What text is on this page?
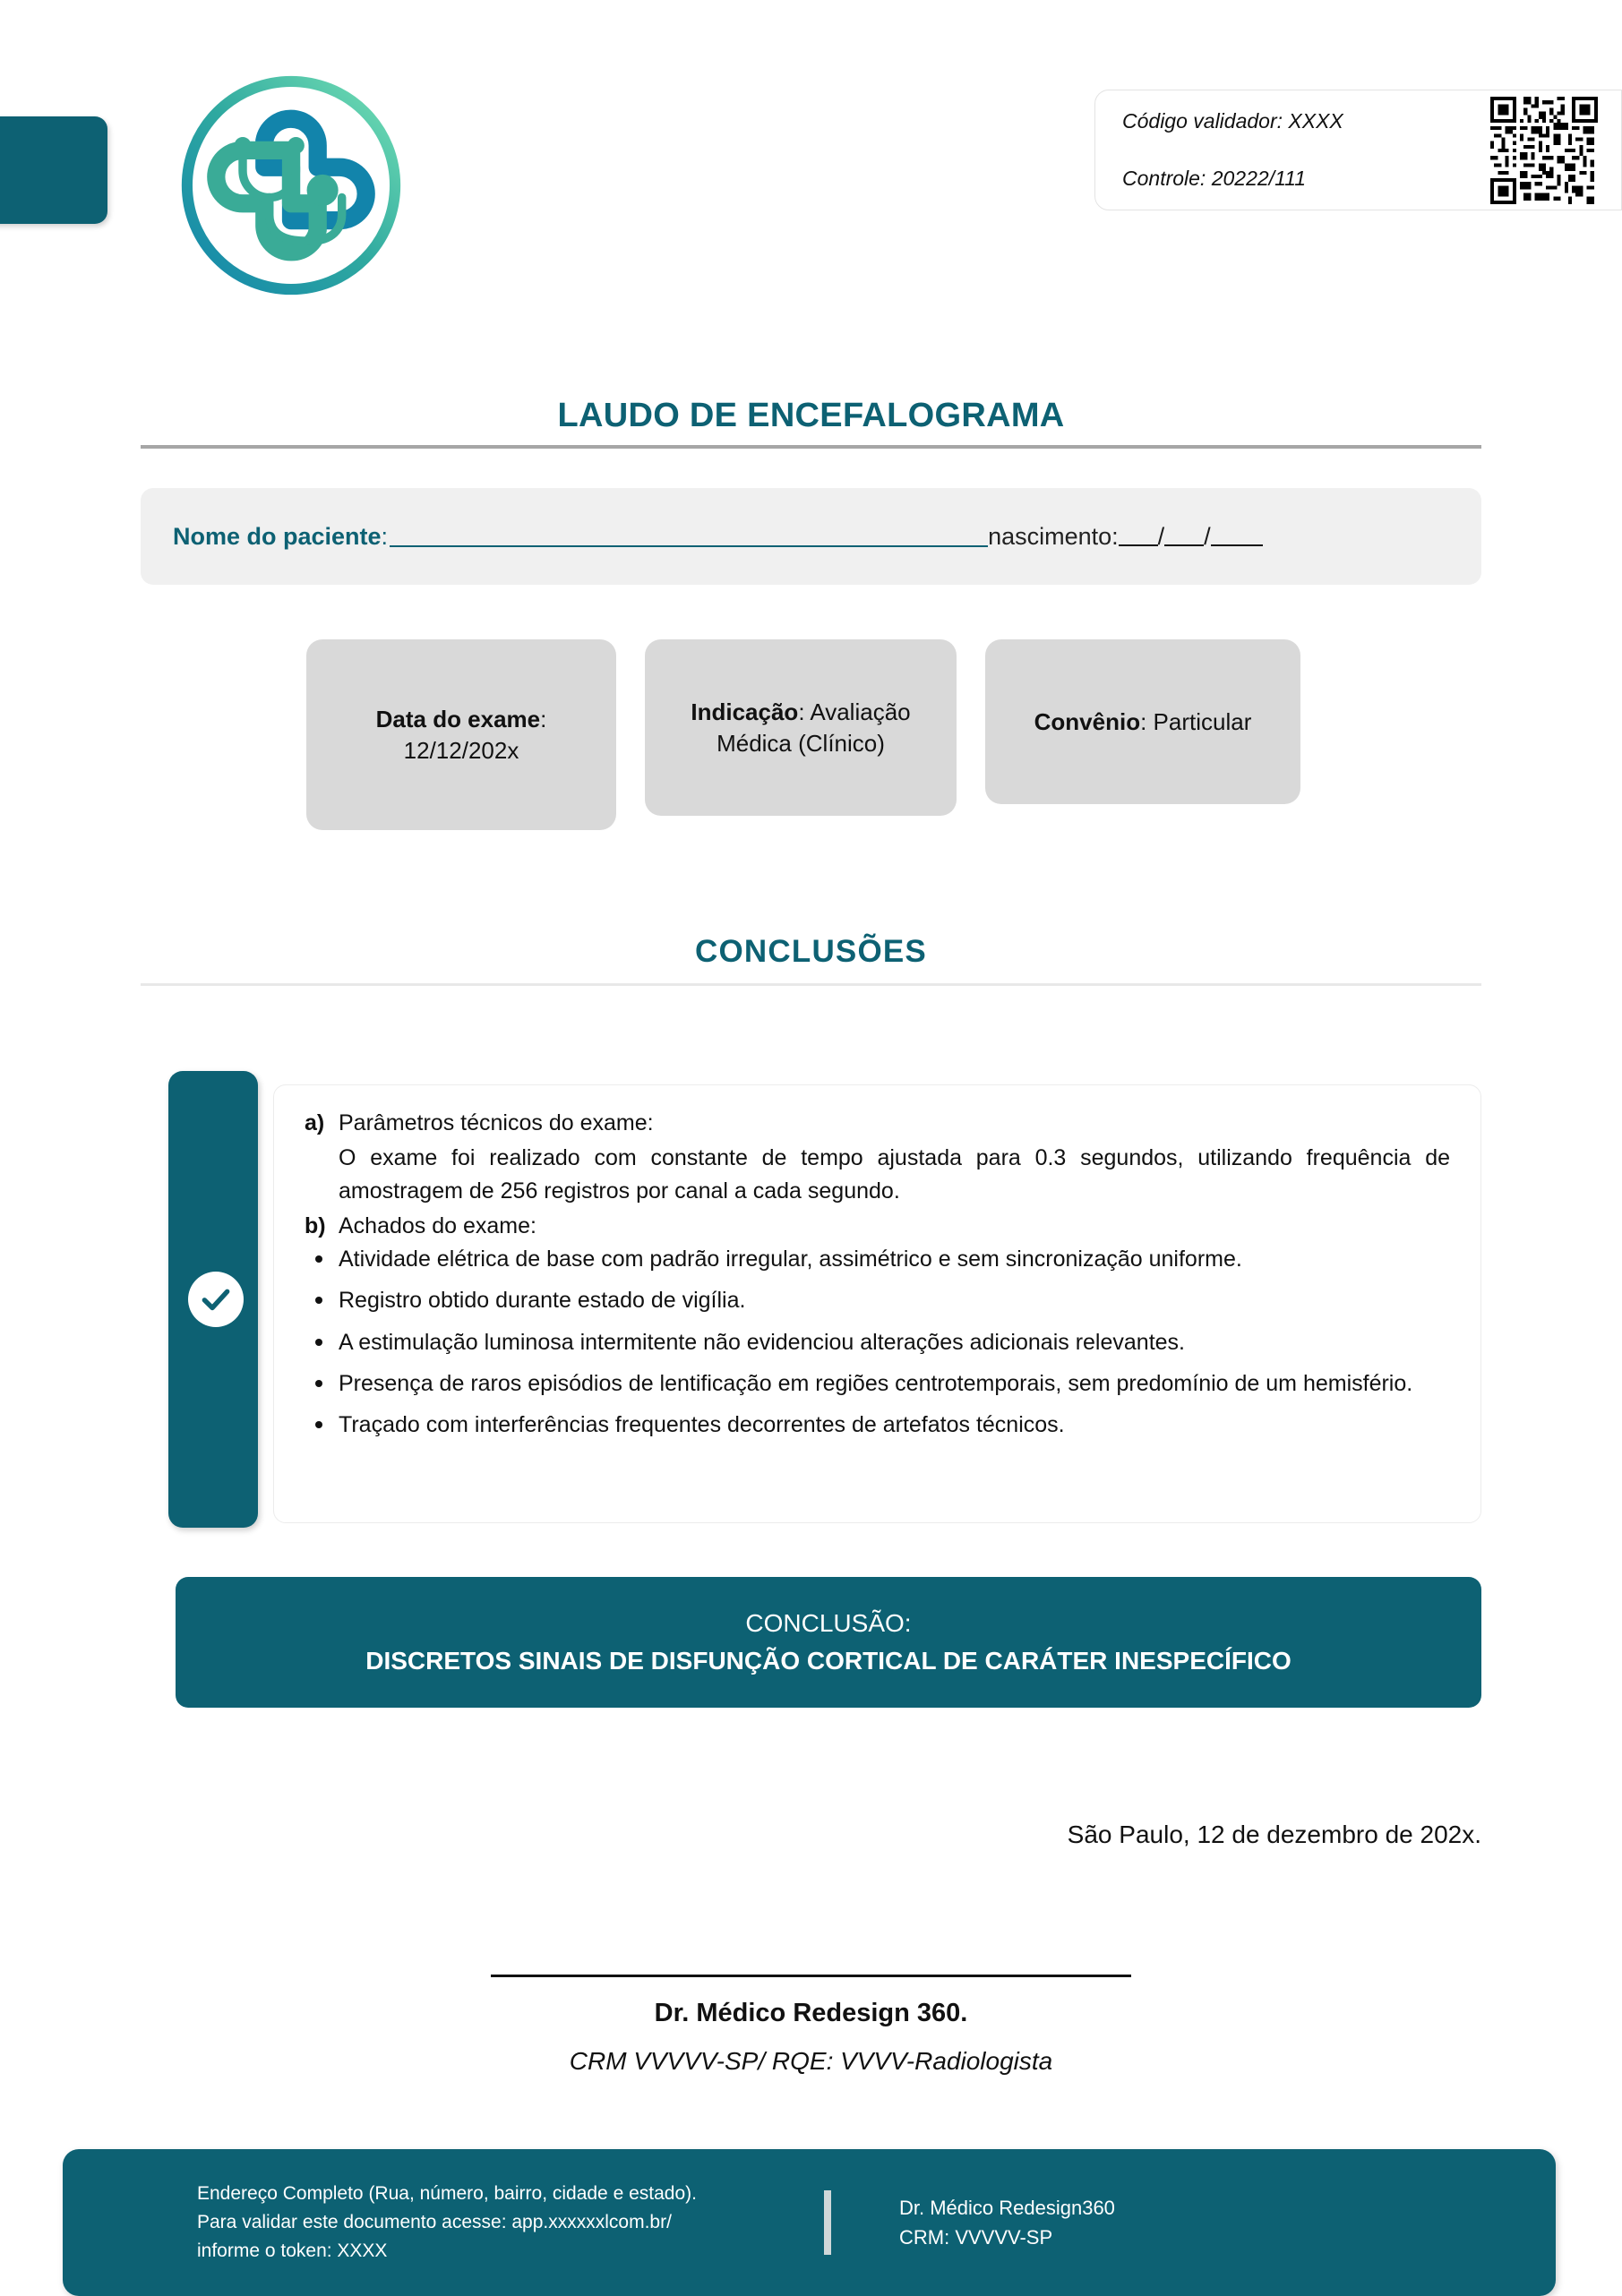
Código validador: XXXX
Controle: 20222/111
LAUDO DE ENCEFALOGRAMA
Nome do paciente :	nascimento: / /
Data do exame: 12/12/202x
Indicação: Avaliação Médica (Clínico)
Convênio: Particular
CONCLUSÕES
a) Parâmetros técnicos do exame:
O exame foi realizado com constante de tempo ajustada para 0.3 segundos, utilizando frequência de amostragem de 256 registros por canal a cada segundo.
b) Achados do exame:
Atividade elétrica de base com padrão irregular, assimétrico e sem sincronização uniforme.
Registro obtido durante estado de vigília.
A estimulação luminosa intermitente não evidenciou alterações adicionais relevantes.
Presença de raros episódios de lentificação em regiões centrotemporais, sem predomínio de um hemisfério.
Traçado com interferências frequentes decorrentes de artefatos técnicos.
CONCLUSÃO:
DISCRETOS SINAIS DE DISFUNÇÃO CORTICAL DE CARÁTER INESPECÍFICO
São Paulo, 12 de dezembro de 202x.
Dr. Médico Redesign 360.
CRM VVVVV-SP/ RQE: VVVV-Radiologista
Endereço Completo (Rua, número, bairro, cidade e estado).
Para validar este documento acesse: app.xxxxxxlcom.br/
informe o token: XXXX
Dr. Médico Redesign360
CRM: VVVVV-SP
